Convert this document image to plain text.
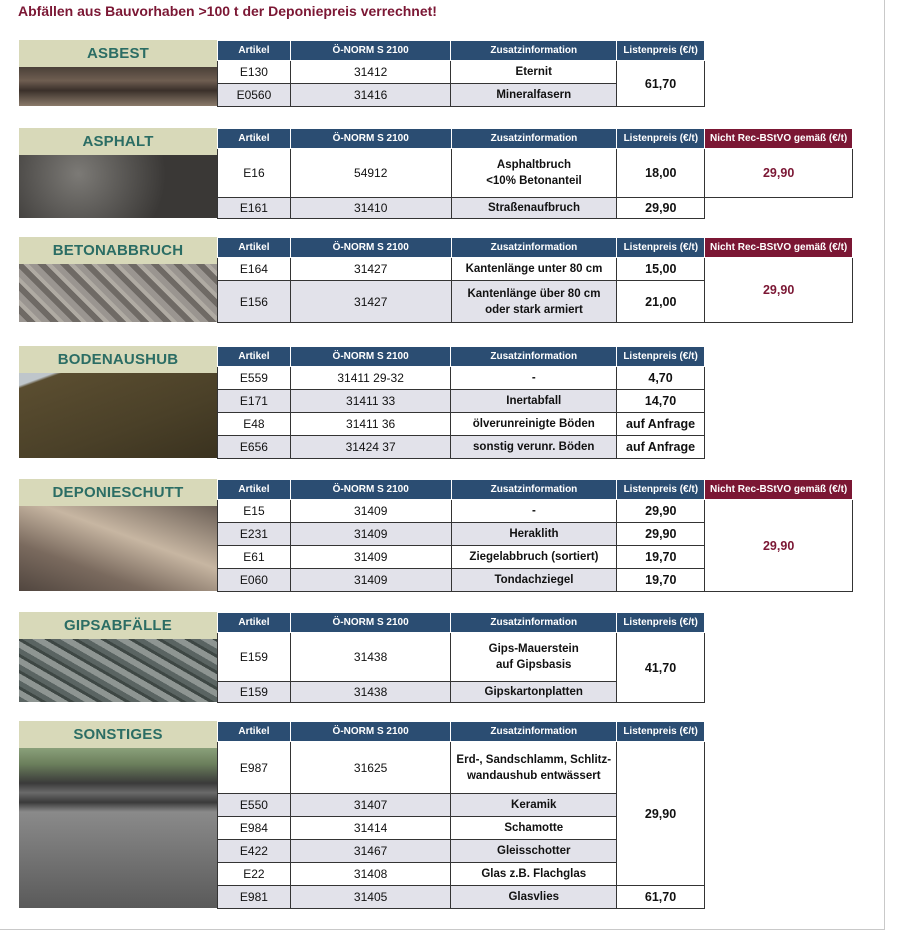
Abfällen aus Bauvorhaben >100 t der Deponiepreis verrechnet!
ASBEST	Artikel	Ö-NORM S 2100	Zusatzinformation	Listenpreis (€/t)
E130	31412	Eternit	61,70
E0560	31416	Mineralfasern	
ASPHALT	Artikel	Ö-NORM S 2100	Zusatzinformation	Listenpreis (€/t)	Nicht Rec-BStVO gemäß (€/t)
E16	54912	Asphaltbruch
<10% Betonanteil	18,00	29,90
E161	31410	Straßenaufbruch	29,90	
BETONABBRUCH	Artikel	Ö-NORM S 2100	Zusatzinformation	Listenpreis (€/t)	Nicht Rec-BStVO gemäß (€/t)
E164	31427	Kantenlänge unter 80 cm	15,00	29,90
E156	31427	Kantenlänge über 80 cm
oder stark armiert	21,00	
BODENAUSHUB	Artikel	Ö-NORM S 2100	Zusatzinformation	Listenpreis (€/t)
E559	31411 29-32	-	4,70
E171	31411 33	Inertabfall	14,70
E48	31411 36	ölverunreinigte Böden	auf Anfrage
E656	31424 37	sonstig verunr. Böden	auf Anfrage
DEPONIESCHUTT	Artikel	Ö-NORM S 2100	Zusatzinformation	Listenpreis (€/t)	Nicht Rec-BStVO gemäß (€/t)
E15	31409	-	29,90	29,90
E231	31409	Heraklith	29,90	
E61	31409	Ziegelabbruch (sortiert)	19,70	
E060	31409	Tondachziegel	19,70	
GIPSABFÄLLE	Artikel	Ö-NORM S 2100	Zusatzinformation	Listenpreis (€/t)
E159	31438	Gips-Mauerstein
auf Gipsbasis	41,70
E159	31438	Gipskartonplatten	
SONSTIGES	Artikel	Ö-NORM S 2100	Zusatzinformation	Listenpreis (€/t)
E987	31625	Erd-, Sandschlamm, Schlitz-
wandaushub entwässert	29,90
E550	31407	Keramik	
E984	31414	Schamotte	
E422	31467	Gleisschotter	
E22	31408	Glas z.B. Flachglas	
E981	31405	Glasvlies	61,70
